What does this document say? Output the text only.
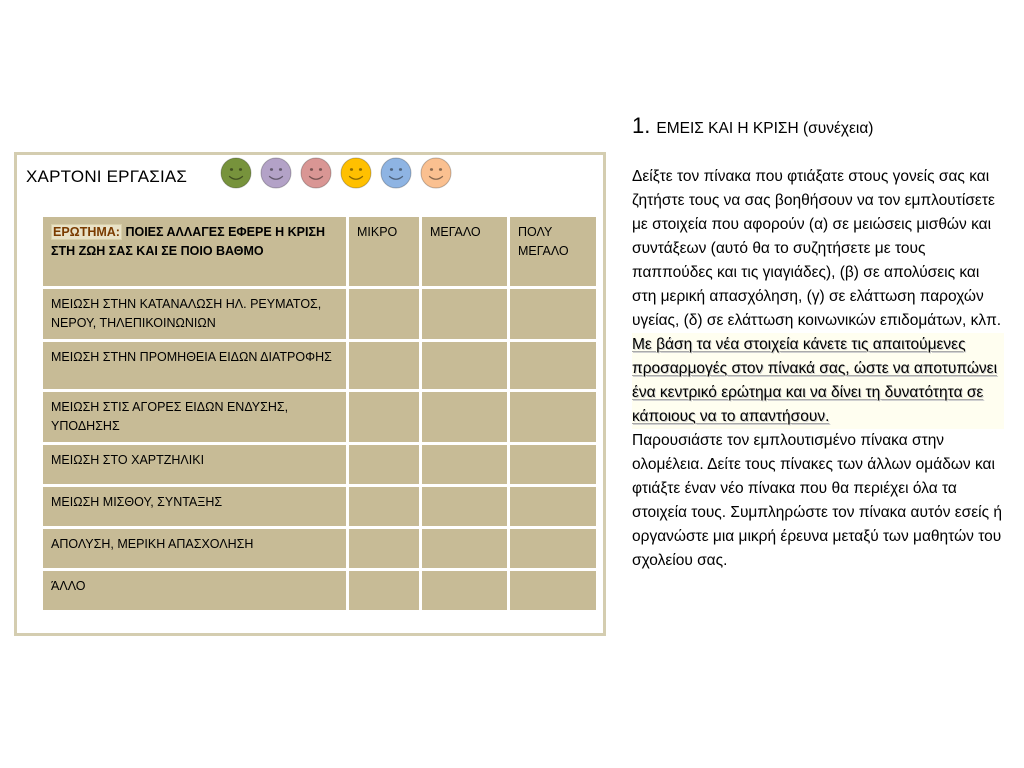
ΧΑΡΤΟΝΙ ΕΡΓΑΣΙΑΣ
ΕΡΩΤΗΜΑ: ΠΟΙΕΣ ΑΛΛΑΓΕΣ ΕΦΕΡΕ Η ΚΡΙΣΗ ΣΤΗ ΖΩΗ ΣΑΣ ΚΑΙ ΣΕ ΠΟΙΟ ΒΑΘΜΟ	ΜΙΚΡΟ	ΜΕΓΑΛΟ	ΠΟΛΥ ΜΕΓΑΛΟ
ΜΕΙΩΣΗ ΣΤΗΝ ΚΑΤΑΝΑΛΩΣΗ ΗΛ. ΡΕΥΜΑΤΟΣ, ΝΕΡΟΥ, ΤΗΛΕΠΙΚΟΙΝΩΝΙΩΝ			
ΜΕΙΩΣΗ ΣΤΗΝ ΠΡΟΜΗΘΕΙΑ ΕΙΔΩΝ ΔΙΑΤΡΟΦΗΣ			
ΜΕΙΩΣΗ ΣΤΙΣ ΑΓΟΡΕΣ ΕΙΔΩΝ ΕΝΔΥΣΗΣ, ΥΠΟΔΗΣΗΣ			
ΜΕΙΩΣΗ ΣΤΟ ΧΑΡΤΖΗΛΙΚΙ			
ΜΕΙΩΣΗ ΜΙΣΘΟΥ, ΣΥΝΤΑΞΗΣ			
ΑΠΟΛΥΣΗ, ΜΕΡΙΚΗ ΑΠΑΣΧΟΛΗΣΗ			
ΆΛΛΟ			
1. ΕΜΕΙΣ ΚΑΙ Η ΚΡΙΣΗ (συνέχεια)

Δείξτε τον πίνακα που φτιάξατε στους γονείς σας και ζητήστε τους να σας βοηθήσουν να τον εμπλουτίσετε με στοιχεία που αφορούν (α) σε μειώσεις μισθών και συντάξεων (αυτό θα το συζητήσετε με τους παππούδες και τις γιαγιάδες), (β) σε απολύσεις και στη μερική απασχόληση, (γ) σε ελάττωση παροχών υγείας, (δ) σε ελάττωση κοινωνικών επιδομάτων, κλπ.

Με βάση τα νέα στοιχεία κάνετε τις απαιτούμενες προσαρμογές στον πίνακά σας, ώστε να αποτυπώνει ένα κεντρικό ερώτημα και να δίνει τη δυνατότητα σε κάποιους να το απαντήσουν.

Παρουσιάστε τον εμπλουτισμένο πίνακα στην ολομέλεια. Δείτε τους πίνακες των άλλων ομάδων και φτιάξτε έναν νέο πίνακα που θα περιέχει όλα τα στοιχεία τους. Συμπληρώστε τον πίνακα αυτόν εσείς ή οργανώστε μια μικρή έρευνα μεταξύ των μαθητών του σχολείου σας.
